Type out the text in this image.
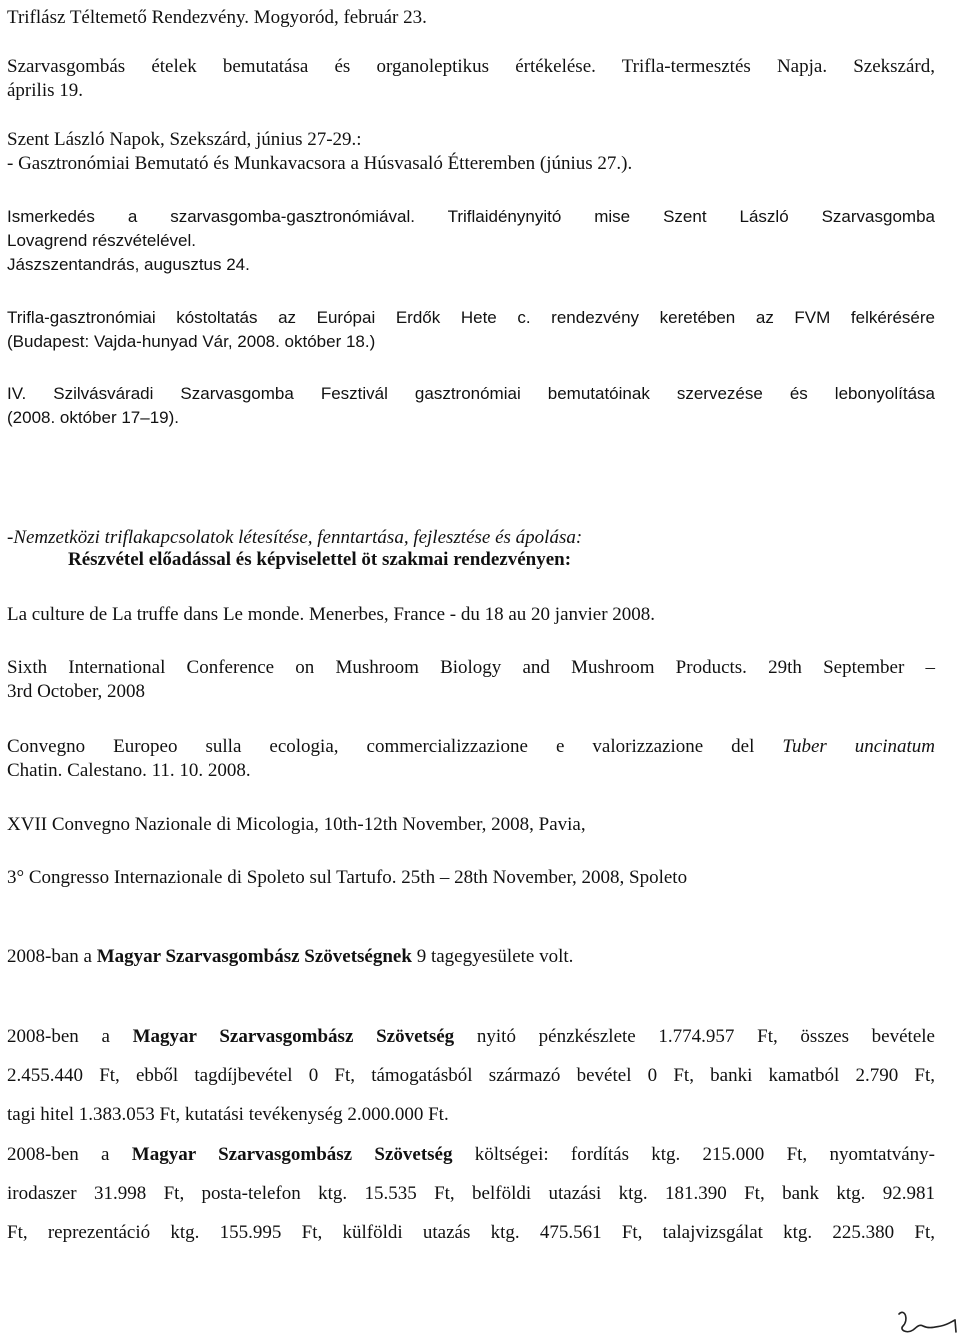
Triflász Téltemető Rendezvény. Mogyoród, február 23.
Szarvasgombás ételek bemutatása és organoleptikus értékelése. Trifla-termesztés Napja. Szekszárd,
április 19.
Szent László Napok, Szekszárd, június 27-29.:
- Gasztronómiai Bemutató és Munkavacsora a Húsvasaló Étteremben (június 27.).
Ismerkedés a szarvasgomba-gasztronómiával. Triflaidénynyitó mise Szent László Szarvasgomba
Lovagrend részvételével.
Jászszentandrás, augusztus 24.
Trifla-gasztronómiai kóstoltatás az Európai Erdők Hete c. rendezvény keretében az FVM felkérésére
(Budapest: Vajda-hunyad Vár, 2008. október 18.)
IV. Szilvásváradi Szarvasgomba Fesztivál gasztronómiai bemutatóinak szervezése és lebonyolítása
(2008. október 17–19).
-Nemzetközi triflakapcsolatok létesítése, fenntartása, fejlesztése és ápolása:
Részvétel előadással és képviselettel öt szakmai rendezvényen:
La culture de La truffe dans Le monde. Menerbes, France - du 18 au 20 janvier 2008.
Sixth International Conference on Mushroom Biology and Mushroom Products. 29th September –
3rd October, 2008
Convegno Europeo sulla ecologia, commercializzazione e valorizzazione del Tuber uncinatum
Chatin. Calestano. 11. 10. 2008.
XVII Convegno Nazionale di Micologia, 10th-12th November, 2008, Pavia,
3° Congresso Internazionale di Spoleto sul Tartufo. 25th – 28th November, 2008, Spoleto
2008-ban a Magyar Szarvasgombász Szövetségnek 9 tagegyesülete volt.
2008-ben a Magyar Szarvasgombász Szövetség nyitó pénzkészlete 1.774.957 Ft, összes bevétele
2.455.440 Ft, ebből tagdíjbevétel 0 Ft, támogatásból származó bevétel 0 Ft, banki kamatból 2.790 Ft,
tagi hitel 1.383.053 Ft, kutatási tevékenység 2.000.000 Ft.
2008-ben a Magyar Szarvasgombász Szövetség költségei: fordítás ktg. 215.000 Ft, nyomtatvány-
irodaszer 31.998 Ft, posta-telefon ktg. 15.535 Ft, belföldi utazási ktg. 181.390 Ft, bank ktg. 92.981
Ft, reprezentáció ktg. 155.995 Ft, külföldi utazás ktg. 475.561 Ft, talajvizsgálat ktg. 225.380 Ft,
